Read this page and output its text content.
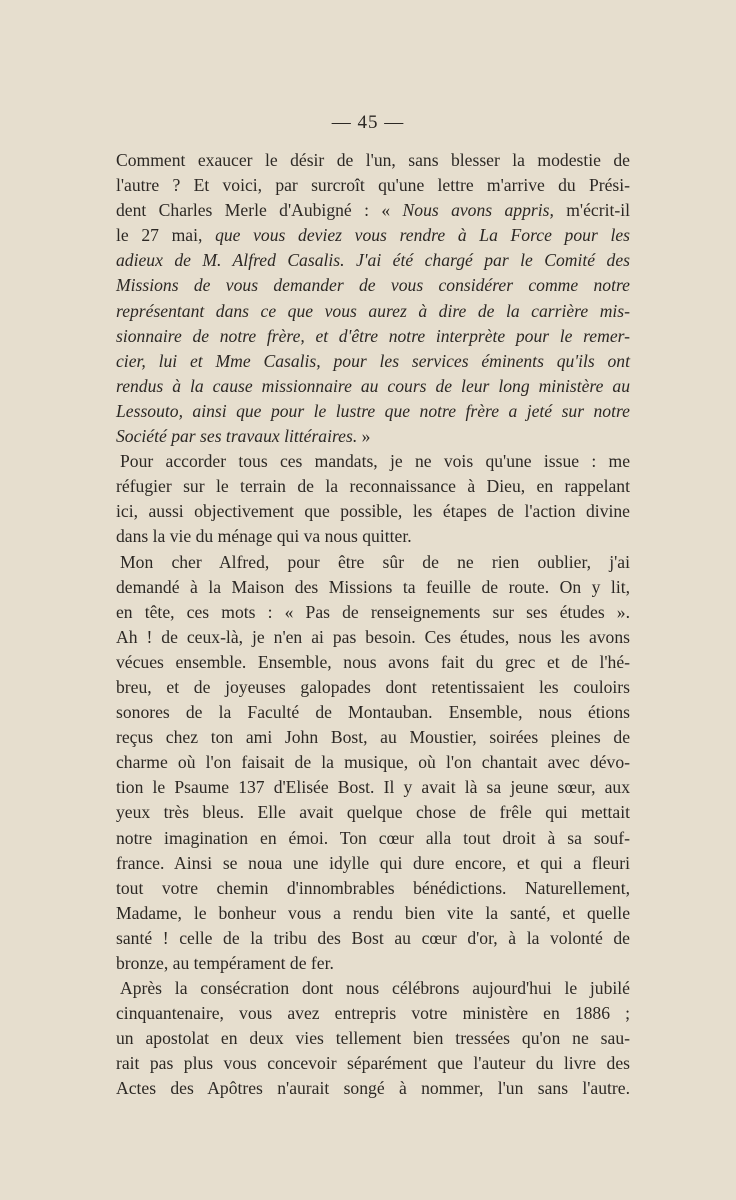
— 45 —
Comment exaucer le désir de l'un, sans blesser la modestie de
l'autre ? Et voici, par surcroît qu'une lettre m'arrive du Prési-
dent Charles Merle d'Aubigné : « Nous avons appris, m'écrit-il
le 27 mai, que vous deviez vous rendre à La Force pour les
adieux de M. Alfred Casalis. J'ai été chargé par le Comité des
Missions de vous demander de vous considérer comme notre
représentant dans ce que vous aurez à dire de la carrière mis-
sionnaire de notre frère, et d'être notre interprète pour le remer-
cier, lui et Mme Casalis, pour les services éminents qu'ils ont
rendus à la cause missionnaire au cours de leur long ministère au
Lessouto, ainsi que pour le lustre que notre frère a jeté sur notre
Société par ses travaux littéraires. »
Pour accorder tous ces mandats, je ne vois qu'une issue : me
réfugier sur le terrain de la reconnaissance à Dieu, en rappelant
ici, aussi objectivement que possible, les étapes de l'action divine
dans la vie du ménage qui va nous quitter.
Mon cher Alfred, pour être sûr de ne rien oublier, j'ai
demandé à la Maison des Missions ta feuille de route. On y lit,
en tête, ces mots : « Pas de renseignements sur ses études ».
Ah ! de ceux-là, je n'en ai pas besoin. Ces études, nous les avons
vécues ensemble. Ensemble, nous avons fait du grec et de l'hé-
breu, et de joyeuses galopades dont retentissaient les couloirs
sonores de la Faculté de Montauban. Ensemble, nous étions
reçus chez ton ami John Bost, au Moustier, soirées pleines de
charme où l'on faisait de la musique, où l'on chantait avec dévo-
tion le Psaume 137 d'Elisée Bost. Il y avait là sa jeune sœur, aux
yeux très bleus. Elle avait quelque chose de frêle qui mettait
notre imagination en émoi. Ton cœur alla tout droit à sa souf-
france. Ainsi se noua une idylle qui dure encore, et qui a fleuri
tout votre chemin d'innombrables bénédictions. Naturellement,
Madame, le bonheur vous a rendu bien vite la santé, et quelle
santé ! celle de la tribu des Bost au cœur d'or, à la volonté de
bronze, au tempérament de fer.
Après la consécration dont nous célébrons aujourd'hui le jubilé
cinquantenaire, vous avez entrepris votre ministère en 1886 ;
un apostolat en deux vies tellement bien tressées qu'on ne sau-
rait pas plus vous concevoir séparément que l'auteur du livre des
Actes des Apôtres n'aurait songé à nommer, l'un sans l'autre.
